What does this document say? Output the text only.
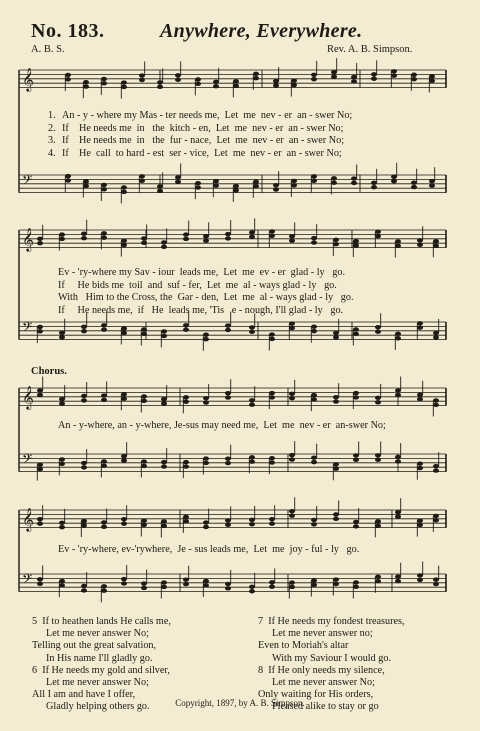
No. 183.	Anywhere, Everywhere.
A. B. S.	Rev. A. B. Simpson.
𝄞
𝄢
𝄞
𝄢
𝄞
𝄢
𝄞
𝄢
1. An - y - where my Mas - ter needs me,  Let  me  nev - er  an - swer No;
2. If    He needs me  in   the  kitch - en,  Let  me  nev - er  an - swer No;
3. If    He needs me  in   the  fur - nace,  Let  me  nev - er  an - swer No;
4. If    He  call  to hard - est  ser - vice,  Let  me  nev - er  an - swer No;
Ev - 'ry-where my Sav - iour  leads me,  Let  me  ev - er  glad - ly   go.
If     He bids me  toil  and  suf - fer,  Let  me  al - ways glad - ly   go.
With   Him to the Cross, the  Gar - den,  Let  me  al - ways glad - ly   go.
If     He needs me,  if   He  leads me, 'Tis   e - nough, I'll glad - ly   go.
Chorus.
An - y-where, an - y-where, Je-sus may need me,  Let  me  nev - er  an-swer No;
Ev - 'ry-where, ev-'rywhere,  Je - sus leads me,  Let  me  joy - ful - ly   go.
5  If to heathen lands He calls me,
Let me never answer No;
Telling out the great salvation,
In His name I'll gladly go.
6  If He needs my gold and silver,
Let me never answer No;
All I am and have I offer,
Gladly helping others go.
7  If He needs my fondest treasures,
Let me never answer no;
Even to Moriah's altar
With my Saviour I would go.
8  If He only needs my silence,
Let me never answer No;
Only waiting for His orders,
Pleased alike to stay or go
Copyright, 1897, by A. B. Simpson.
